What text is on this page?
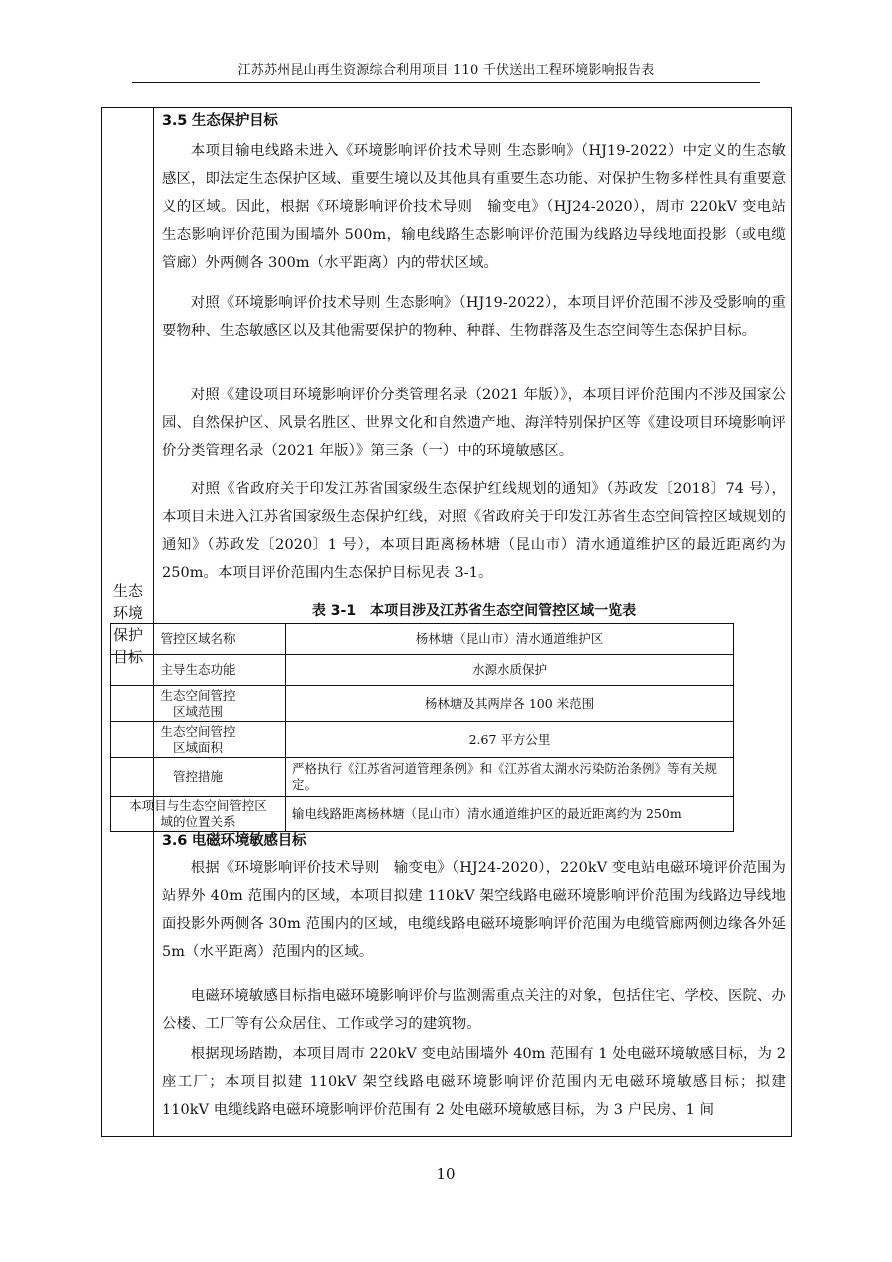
江苏苏州昆山再生资源综合利用项目 110 千伏送出工程环境影响报告表
生态
环境
保护
目标
3.5 生态保护目标

本项目输电线路未进入《环境影响评价技术导则 生态影响》（HJ19-2022）中定义的生态敏感区，即法定生态保护区域、重要生境以及其他具有重要生态功能、对保护生物多样性具有重要意义的区域。因此，根据《环境影响评价技术导则　输变电》（HJ24-2020），周市 220kV 变电站生态影响评价范围为围墙外 500m，输电线路生态影响评价范围为线路边导线地面投影（或电缆管廊）外两侧各 300m（水平距离）内的带状区域。

对照《环境影响评价技术导则 生态影响》（HJ19-2022），本项目评价范围不涉及受影响的重要物种、生态敏感区以及其他需要保护的物种、种群、生物群落及生态空间等生态保护目标。

对照《建设项目环境影响评价分类管理名录（2021 年版）》，本项目评价范围内不涉及国家公园、自然保护区、风景名胜区、世界文化和自然遗产地、海洋特别保护区等《建设项目环境影响评价分类管理名录（2021 年版）》第三条（一）中的环境敏感区。

对照《省政府关于印发江苏省国家级生态保护红线规划的通知》（苏政发〔2018〕74 号），本项目未进入江苏省国家级生态保护红线，对照《省政府关于印发江苏省生态空间管控区域规划的通知》（苏政发〔2020〕1 号），本项目距离杨林塘（昆山市）清水通道维护区的最近距离约为 250m。本项目评价范围内生态保护目标见表 3-1。

表 3-1　本项目涉及江苏省生态空间管控区域一览表
管控区域名称	杨林塘（昆山市）清水通道维护区
主导生态功能	水源水质保护
生态空间管控
区域范围	杨林塘及其两岸各 100 米范围
生态空间管控
区域面积	2.67 平方公里
管控措施	严格执行《江苏省河道管理条例》和《江苏省太湖水污染防治条例》等有关规定。
本项目与生态空间管控区
域的位置关系	输电线路距离杨林塘（昆山市）清水通道维护区的最近距离约为 250m
3.6 电磁环境敏感目标

根据《环境影响评价技术导则　输变电》（HJ24-2020），220kV 变电站电磁环境评价范围为站界外 40m 范围内的区域，本项目拟建 110kV 架空线路电磁环境影响评价范围为线路边导线地面投影外两侧各 30m 范围内的区域，电缆线路电磁环境影响评价范围为电缆管廊两侧边缘各外延 5m（水平距离）范围内的区域。

电磁环境敏感目标指电磁环境影响评价与监测需重点关注的对象，包括住宅、学校、医院、办公楼、工厂等有公众居住、工作或学习的建筑物。

根据现场踏勘，本项目周市 220kV 变电站围墙外 40m 范围有 1 处电磁环境敏感目标，为 2 座工厂；本项目拟建 110kV 架空线路电磁环境影响评价范围内无电磁环境敏感目标；拟建 110kV 电缆线路电磁环境影响评价范围有 2 处电磁环境敏感目标，为 3 户民房、1 间

10
